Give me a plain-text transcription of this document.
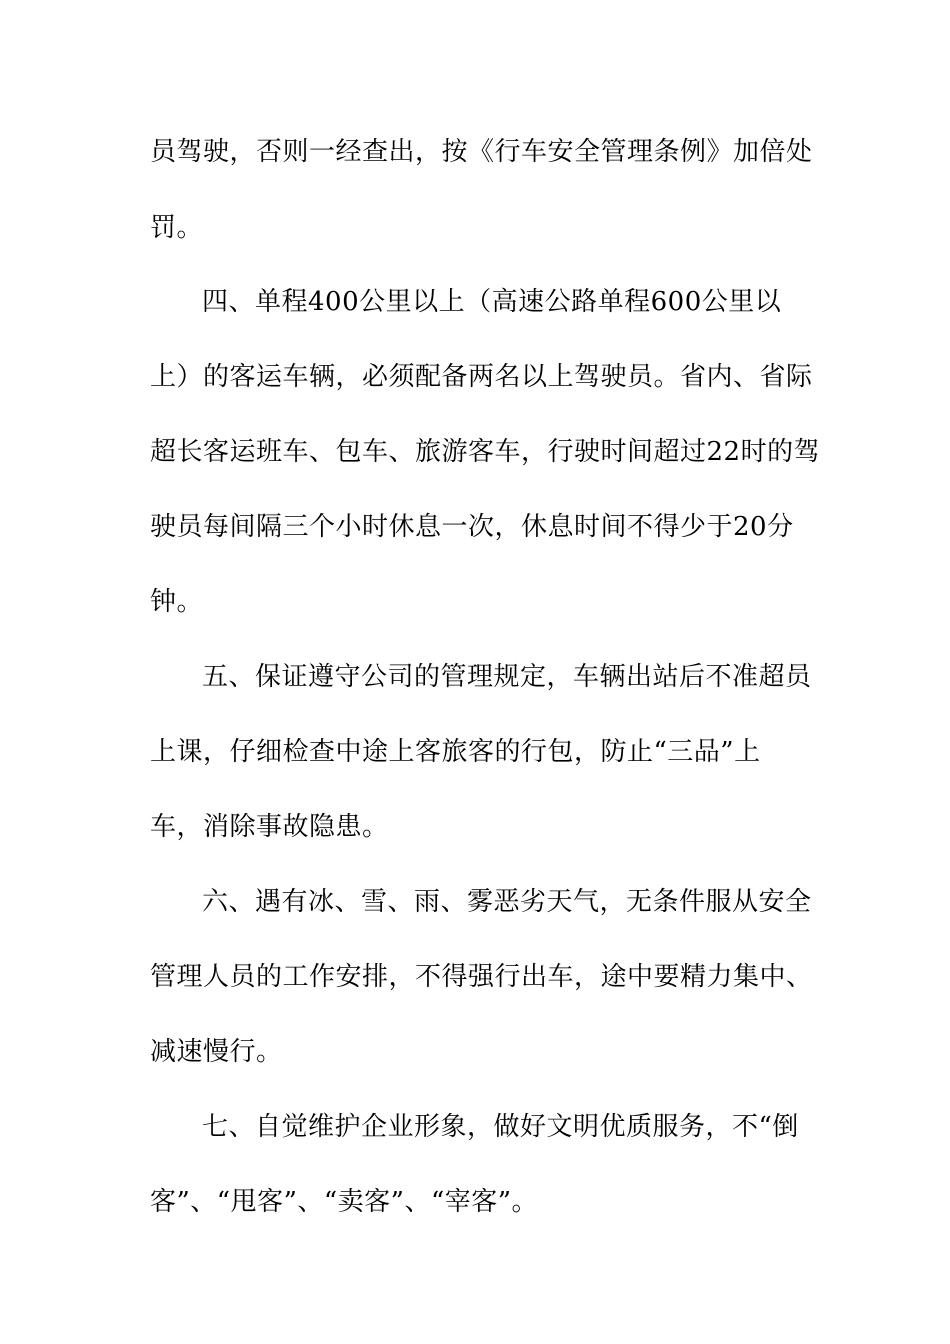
员驾驶，否则一经查出，按《行车安全管理条例》加倍处
罚。
四、单程400公里以上（高速公路单程600公里以
上）的客运车辆，必须配备两名以上驾驶员。省内、省际
超长客运班车、包车、旅游客车，行驶时间超过22时的驾
驶员每间隔三个小时休息一次，休息时间不得少于20分
钟。
五、保证遵守公司的管理规定，车辆出站后不准超员
上课，仔细检查中途上客旅客的行包，防止“三品”上
车，消除事故隐患。
六、遇有冰、雪、雨、雾恶劣天气，无条件服从安全
管理人员的工作安排，不得强行出车，途中要精力集中、
减速慢行。
七、自觉维护企业形象，做好文明优质服务，不“倒
客”、“甩客”、“卖客”、“宰客”。
